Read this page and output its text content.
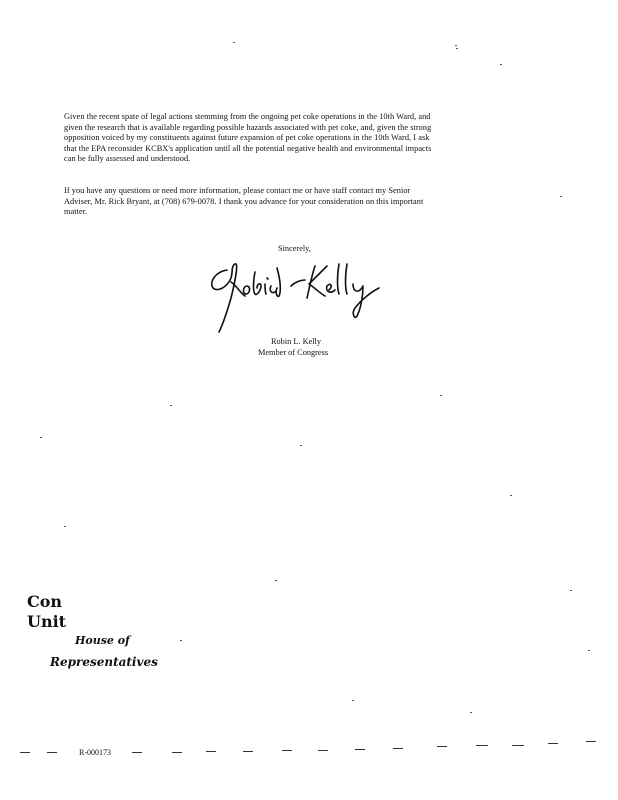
Given the recent spate of legal actions stemming from the ongoing pet coke operations in the 10th Ward, and
given the research that is available regarding possible hazards associated with pet coke, and, given the strong
opposition voiced by my constituents against future expansion of pet coke operations in the 10th Ward, I ask
that the EPA reconsider KCBX's application until all the potential negative health and environmental impacts
can be fully assessed and understood.
If you have any questions or need more information, please contact me or have staff contact my Senior
Adviser, Mr. Rick Bryant, at (708) 679-0078. I thank you advance for your consideration on this important
matter.

Sincerely,

Robin L. Kelly

Member of Congress

Con

Unit

House of

Representatives

R-000173
